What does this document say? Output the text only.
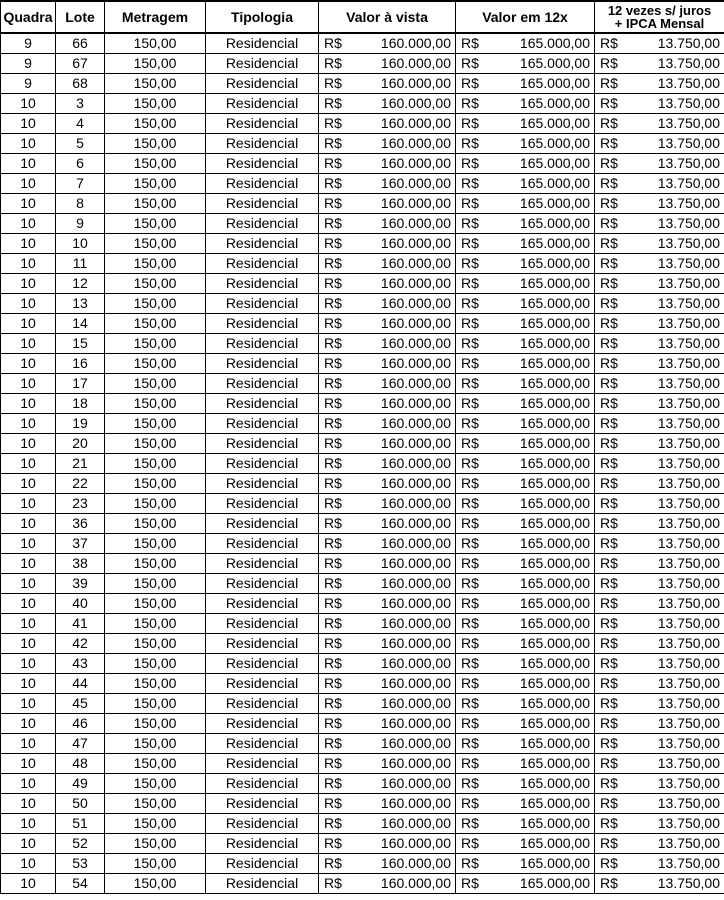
Quadra	Lote	Metragem	Tipologia	Valor à vista		Valor em 12x		12 vezes s/ juros
+ IPCA Mensal	

9	66	150,00	Residencial	R$	160.000,00	R$	165.000,00	R$	13.750,00
9	67	150,00	Residencial	R$	160.000,00	R$	165.000,00	R$	13.750,00
9	68	150,00	Residencial	R$	160.000,00	R$	165.000,00	R$	13.750,00
10	3	150,00	Residencial	R$	160.000,00	R$	165.000,00	R$	13.750,00
10	4	150,00	Residencial	R$	160.000,00	R$	165.000,00	R$	13.750,00
10	5	150,00	Residencial	R$	160.000,00	R$	165.000,00	R$	13.750,00
10	6	150,00	Residencial	R$	160.000,00	R$	165.000,00	R$	13.750,00
10	7	150,00	Residencial	R$	160.000,00	R$	165.000,00	R$	13.750,00
10	8	150,00	Residencial	R$	160.000,00	R$	165.000,00	R$	13.750,00
10	9	150,00	Residencial	R$	160.000,00	R$	165.000,00	R$	13.750,00
10	10	150,00	Residencial	R$	160.000,00	R$	165.000,00	R$	13.750,00
10	11	150,00	Residencial	R$	160.000,00	R$	165.000,00	R$	13.750,00
10	12	150,00	Residencial	R$	160.000,00	R$	165.000,00	R$	13.750,00
10	13	150,00	Residencial	R$	160.000,00	R$	165.000,00	R$	13.750,00
10	14	150,00	Residencial	R$	160.000,00	R$	165.000,00	R$	13.750,00
10	15	150,00	Residencial	R$	160.000,00	R$	165.000,00	R$	13.750,00
10	16	150,00	Residencial	R$	160.000,00	R$	165.000,00	R$	13.750,00
10	17	150,00	Residencial	R$	160.000,00	R$	165.000,00	R$	13.750,00
10	18	150,00	Residencial	R$	160.000,00	R$	165.000,00	R$	13.750,00
10	19	150,00	Residencial	R$	160.000,00	R$	165.000,00	R$	13.750,00
10	20	150,00	Residencial	R$	160.000,00	R$	165.000,00	R$	13.750,00
10	21	150,00	Residencial	R$	160.000,00	R$	165.000,00	R$	13.750,00
10	22	150,00	Residencial	R$	160.000,00	R$	165.000,00	R$	13.750,00
10	23	150,00	Residencial	R$	160.000,00	R$	165.000,00	R$	13.750,00
10	36	150,00	Residencial	R$	160.000,00	R$	165.000,00	R$	13.750,00
10	37	150,00	Residencial	R$	160.000,00	R$	165.000,00	R$	13.750,00
10	38	150,00	Residencial	R$	160.000,00	R$	165.000,00	R$	13.750,00
10	39	150,00	Residencial	R$	160.000,00	R$	165.000,00	R$	13.750,00
10	40	150,00	Residencial	R$	160.000,00	R$	165.000,00	R$	13.750,00
10	41	150,00	Residencial	R$	160.000,00	R$	165.000,00	R$	13.750,00
10	42	150,00	Residencial	R$	160.000,00	R$	165.000,00	R$	13.750,00
10	43	150,00	Residencial	R$	160.000,00	R$	165.000,00	R$	13.750,00
10	44	150,00	Residencial	R$	160.000,00	R$	165.000,00	R$	13.750,00
10	45	150,00	Residencial	R$	160.000,00	R$	165.000,00	R$	13.750,00
10	46	150,00	Residencial	R$	160.000,00	R$	165.000,00	R$	13.750,00
10	47	150,00	Residencial	R$	160.000,00	R$	165.000,00	R$	13.750,00
10	48	150,00	Residencial	R$	160.000,00	R$	165.000,00	R$	13.750,00
10	49	150,00	Residencial	R$	160.000,00	R$	165.000,00	R$	13.750,00
10	50	150,00	Residencial	R$	160.000,00	R$	165.000,00	R$	13.750,00
10	51	150,00	Residencial	R$	160.000,00	R$	165.000,00	R$	13.750,00
10	52	150,00	Residencial	R$	160.000,00	R$	165.000,00	R$	13.750,00
10	53	150,00	Residencial	R$	160.000,00	R$	165.000,00	R$	13.750,00
10	54	150,00	Residencial	R$	160.000,00	R$	165.000,00	R$	13.750,00
